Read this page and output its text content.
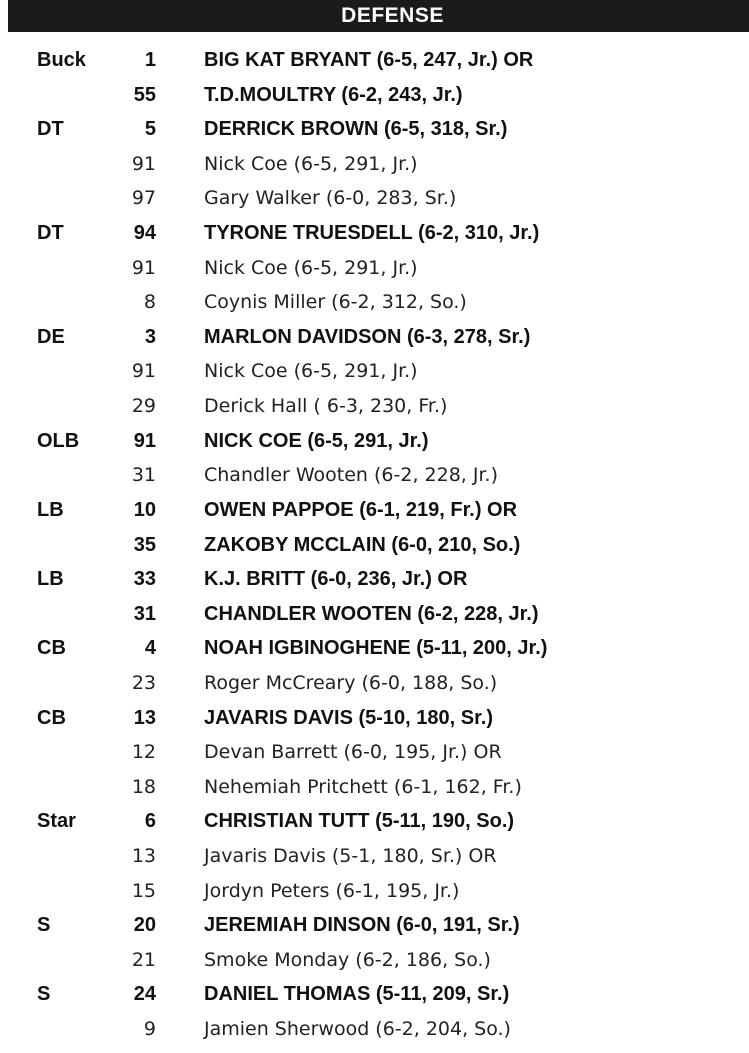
DEFENSE
Buck	1 BIG KAT BRYANT (6-5, 247, Jr.) OR
55 T.D.MOULTRY (6-2, 243, Jr.)
DT	5 DERRICK BROWN (6-5, 318, Sr.)
91	Nick Coe (6-5, 291, Jr.)
97	Gary Walker (6-0, 283, Sr.)
DT	94 TYRONE TRUESDELL (6-2, 310, Jr.)
91	Nick Coe (6-5, 291, Jr.)
8	Coynis Miller (6-2, 312, So.)
DE	3 MARLON DAVIDSON (6-3, 278, Sr.)
91	Nick Coe (6-5, 291, Jr.)
29	Derick Hall ( 6-3, 230, Fr.)
OLB	91 NICK COE (6-5, 291, Jr.)
31	Chandler Wooten (6-2, 228, Jr.)
LB	10 OWEN PAPPOE (6-1, 219, Fr.) OR
35 ZAKOBY MCCLAIN (6-0, 210, So.)
LB	33 K.J. BRITT (6-0, 236, Jr.) OR
31 CHANDLER WOOTEN (6-2, 228, Jr.)
CB	4 NOAH IGBINOGHENE (5-11, 200, Jr.)
23	Roger McCreary (6-0, 188, So.)
CB	13 JAVARIS DAVIS (5-10, 180, Sr.)
12	Devan Barrett (6-0, 195, Jr.) OR
18	Nehemiah Pritchett (6-1, 162, Fr.)
Star	6 CHRISTIAN TUTT (5-11, 190, So.)
13	Javaris Davis (5-1, 180, Sr.) OR
15	Jordyn Peters (6-1, 195, Jr.)
S	20 JEREMIAH DINSON (6-0, 191, Sr.)
21	Smoke Monday (6-2, 186, So.)
S	24 DANIEL THOMAS (5-11, 209, Sr.)
9	Jamien Sherwood (6-2, 204, So.)
